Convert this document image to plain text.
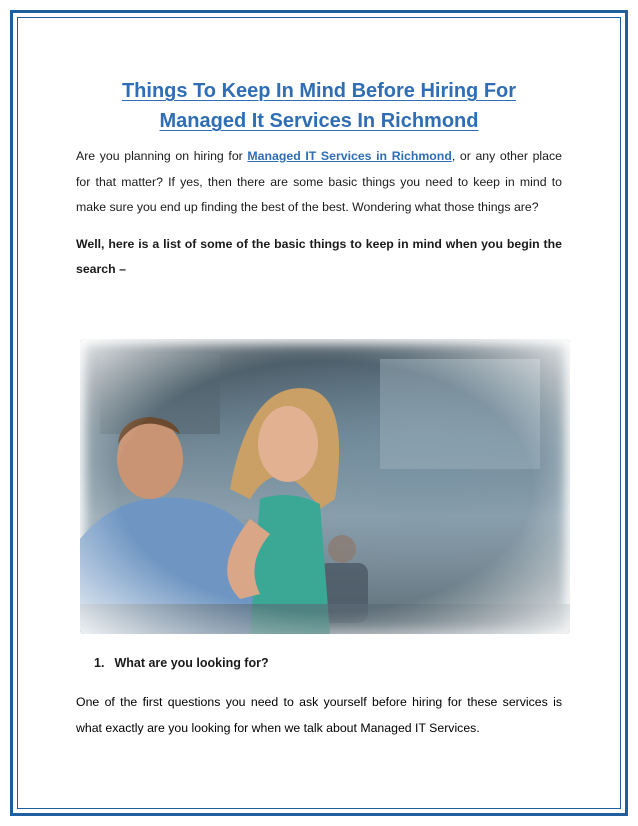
Things To Keep In Mind Before Hiring For
Managed It Services In Richmond

Are you planning on hiring for Managed IT Services in Richmond, or any other place for that matter? If yes, then there are some basic things you need to keep in mind to make sure you end up finding the best of the best. Wondering what those things are?

Well, here is a list of some of the basic things to keep in mind when you begin the search –

1. What are you looking for?

One of the first questions you need to ask yourself before hiring for these services is what exactly are you looking for when we talk about Managed IT Services.
